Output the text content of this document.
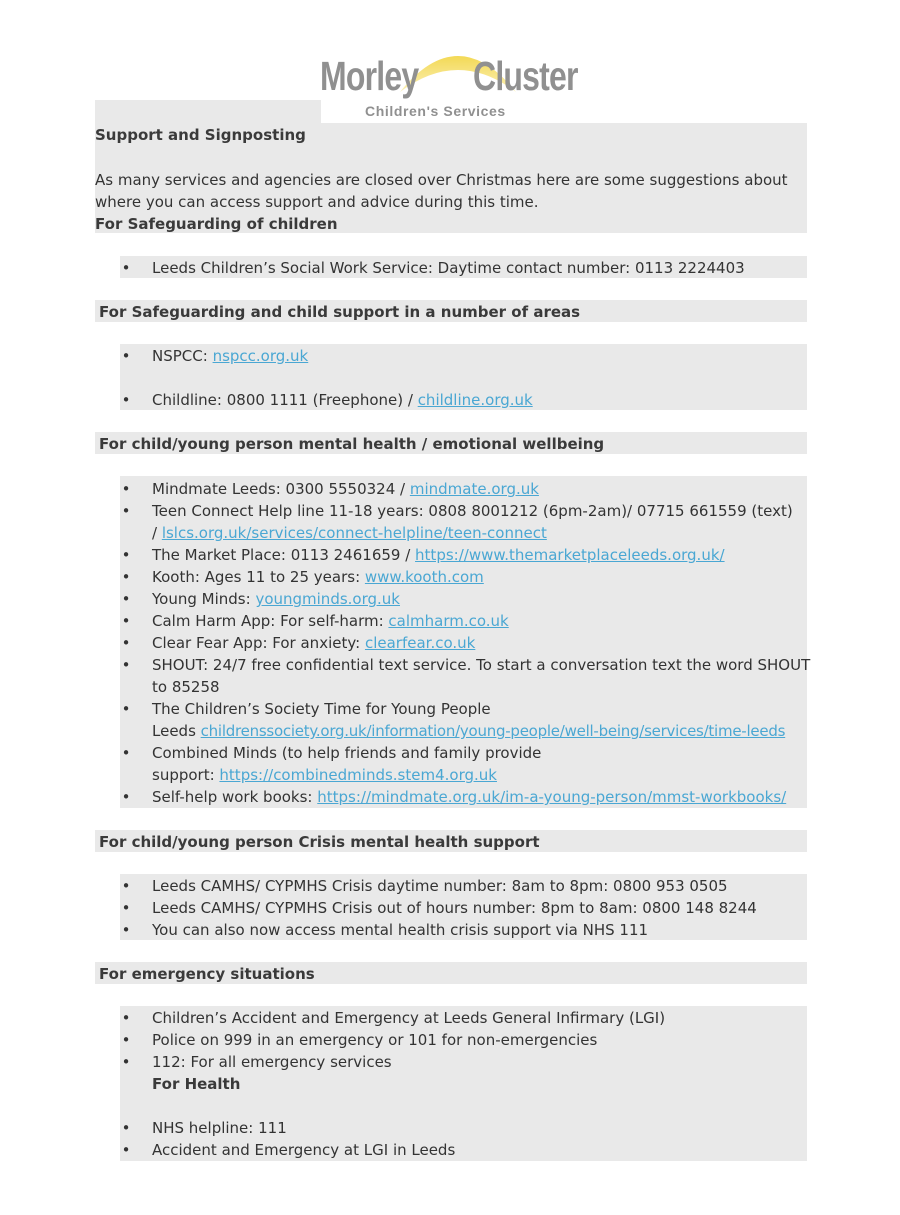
Morley Cluster
Children's Services
Support and Signposting
As many services and agencies are closed over Christmas here are some suggestions about
where you can access support and advice during this time.
For Safeguarding of children
• Leeds Children’s Social Work Service: Daytime contact number: 0113 2224403
For Safeguarding and child support in a number of areas
• NSPCC: nspcc.org.uk
• Childline: 0800 1111 (Freephone) / childline.org.uk
For child/young person mental health / emotional wellbeing
• Mindmate Leeds: 0300 5550324 / mindmate.org.uk
• Teen Connect Help line 11-18 years: 0808 8001212 (6pm-2am)/ 07715 661559 (text)
/ lslcs.org.uk/services/connect-helpline/teen-connect
• The Market Place: 0113 2461659 / https://www.themarketplaceleeds.org.uk/
• Kooth: Ages 11 to 25 years: www.kooth.com
• Young Minds: youngminds.org.uk
• Calm Harm App: For self-harm: calmharm.co.uk
• Clear Fear App: For anxiety: clearfear.co.uk
• SHOUT: 24/7 free confidential text service. To start a conversation text the word SHOUT
to 85258
• The Children’s Society Time for Young People
Leeds childrenssociety.org.uk/information/young-people/well-being/services/time-leeds
• Combined Minds (to help friends and family provide
support: https://combinedminds.stem4.org.uk
• Self-help work books: https://mindmate.org.uk/im-a-young-person/mmst-workbooks/
For child/young person Crisis mental health support
• Leeds CAMHS/ CYPMHS Crisis daytime number: 8am to 8pm: 0800 953 0505
• Leeds CAMHS/ CYPMHS Crisis out of hours number: 8pm to 8am: 0800 148 8244
• You can also now access mental health crisis support via NHS 111
For emergency situations
• Children’s Accident and Emergency at Leeds General Infirmary (LGI)
• Police on 999 in an emergency or 101 for non-emergencies
• 112: For all emergency services
For Health
• NHS helpline: 111
• Accident and Emergency at LGI in Leeds
